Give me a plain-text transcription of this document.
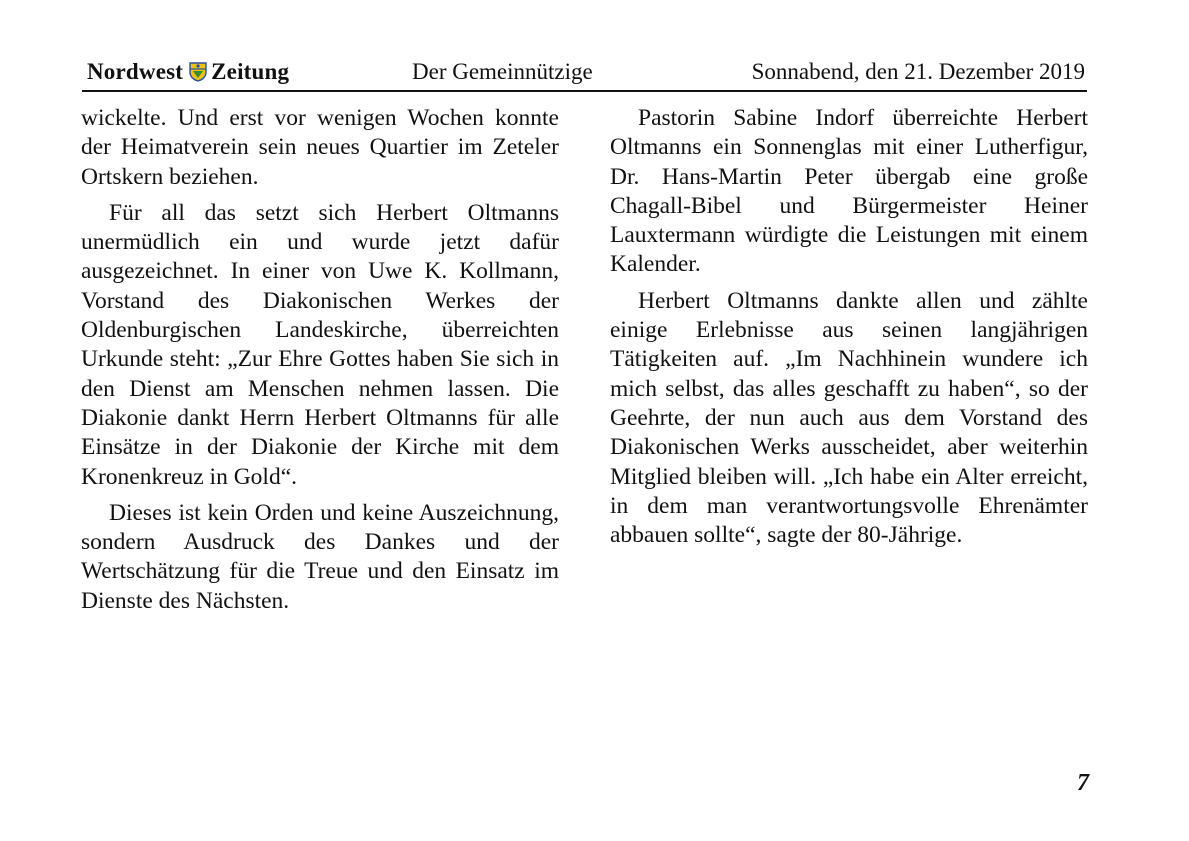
Nordwest Zeitung	Der Gemeinnützige	Sonnabend, den 21. Dezember 2019

wickelte. Und erst vor wenigen Wochen konnte der Heimatverein sein neues Quartier im Zeteler Ortskern beziehen.

Für all das setzt sich Herbert Oltmanns unermüdlich ein und wurde jetzt dafür ausgezeichnet. In einer von Uwe K. Kollmann, Vorstand des Diakonischen Werkes der Oldenburgischen Landeskirche, überreichten Urkunde steht: „Zur Ehre Gottes haben Sie sich in den Dienst am Menschen nehmen lassen. Die Diakonie dankt Herrn Herbert Oltmanns für alle Einsätze in der Diakonie der Kirche mit dem Kronenkreuz in Gold“.

Dieses ist kein Orden und keine Auszeichnung, sondern Ausdruck des Dankes und der Wertschätzung für die Treue und den Einsatz im Dienste des Nächsten.

Pastorin Sabine Indorf überreichte Herbert Oltmanns ein Sonnenglas mit einer Lutherfigur, Dr. Hans-Martin Peter übergab eine große Chagall-Bibel und Bürgermeister Heiner Lauxtermann würdigte die Leistungen mit einem Kalender.

Herbert Oltmanns dankte allen und zählte einige Erlebnisse aus seinen langjährigen Tätigkeiten auf. „Im Nachhinein wundere ich mich selbst, das alles geschafft zu haben“, so der Geehrte, der nun auch aus dem Vorstand des Diakonischen Werks ausscheidet, aber weiterhin Mitglied bleiben will. „Ich habe ein Alter erreicht, in dem man verantwortungsvolle Ehrenämter abbauen sollte“, sagte der 80-Jährige.

7
